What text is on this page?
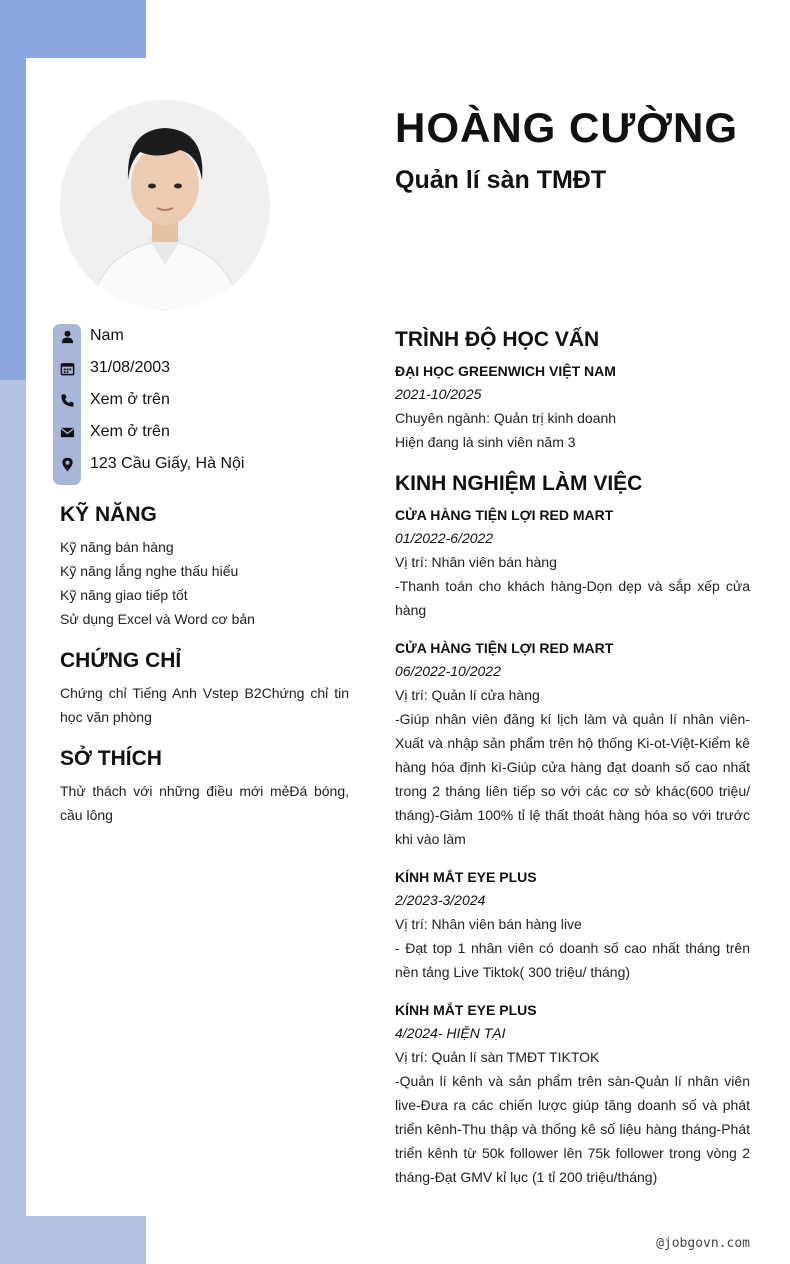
HOÀNG CƯỜNG
Quản lí sàn TMĐT
Nam
31/08/2003
Xem ở trên
Xem ở trên
123 Cầu Giấy, Hà Nội
KỸ NĂNG
Kỹ năng bán hàng
Kỹ năng lắng nghe thấu hiểu
Kỹ năng giao tiếp tốt
Sử dụng Excel và Word cơ bản
CHỨNG CHỈ
Chứng chỉ Tiếng Anh Vstep B2Chứng chỉ tin học văn phòng
SỞ THÍCH
Thử thách với những điều mới mẻĐá bóng, cầu lông
TRÌNH ĐỘ HỌC VẤN
ĐẠI HỌC GREENWICH VIỆT NAM
2021-10/2025
Chuyên ngành: Quản trị kinh doanh
Hiện đang là sinh viên năm 3
KINH NGHIỆM LÀM VIỆC
CỬA HÀNG TIỆN LỢI RED MART
01/2022-6/2022
Vị trí: Nhân viên bán hàng
-Thanh toán cho khách hàng-Dọn dẹp và sắp xếp cửa hàng
CỬA HÀNG TIỆN LỢI RED MART
06/2022-10/2022
Vị trí: Quản lí cửa hàng
-Giúp nhân viên đăng kí lịch làm và quản lí nhân viên-Xuất và nhập sản phẩm trên hộ thống Ki-ot-Việt-Kiểm kê hàng hóa định kì-Giúp cửa hàng đạt doanh số cao nhất trong 2 tháng liên tiếp so với các cơ sở khác(600 triệu/ tháng)-Giảm 100% tỉ lệ thất thoát hàng hóa so với trước khi vào làm
KÍNH MẮT EYE PLUS
2/2023-3/2024
Vị trí: Nhân viên bán hàng live
- Đạt top 1 nhân viên có doanh số cao nhất tháng trên nền tảng Live Tiktok( 300 triệu/ tháng)
KÍNH MẮT EYE PLUS
4/2024- HIỆN TẠI
Vị trí: Quản lí sàn TMĐT TIKTOK
-Quản lí kênh và sản phẩm trên sàn-Quản lí nhân viên live-Đưa ra các chiến lược giúp tăng doanh số và phát triển kênh-Thu thập và thống kê số liệu hàng tháng-Phát triển kênh từ 50k follower lên 75k follower trong vòng 2 tháng-Đạt GMV kỉ lục (1 tỉ 200 triệu/tháng)
@jobgovn.com
